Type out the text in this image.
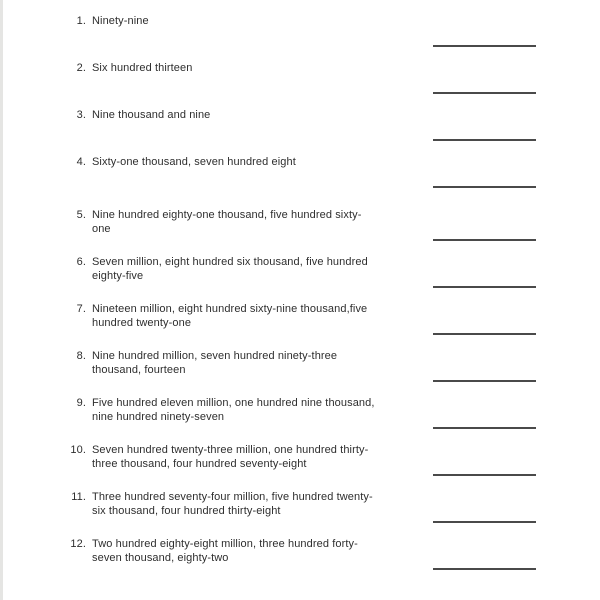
1. Ninety-nine
2. Six hundred thirteen
3. Nine thousand and nine
4. Sixty-one thousand, seven hundred eight
5. Nine hundred eighty-one thousand, five hundred sixty-
one
6. Seven million, eight hundred six thousand, five hundred
eighty-five
7. Nineteen million, eight hundred sixty-nine thousand,five
hundred twenty-one
8. Nine hundred million, seven hundred ninety-three
thousand, fourteen
9. Five hundred eleven million, one hundred nine thousand,
nine hundred ninety-seven
10. Seven hundred twenty-three million, one hundred thirty-
three thousand, four hundred seventy-eight
11. Three hundred seventy-four million, five hundred twenty-
six thousand, four hundred thirty-eight
12. Two hundred eighty-eight million, three hundred forty-
seven thousand, eighty-two
